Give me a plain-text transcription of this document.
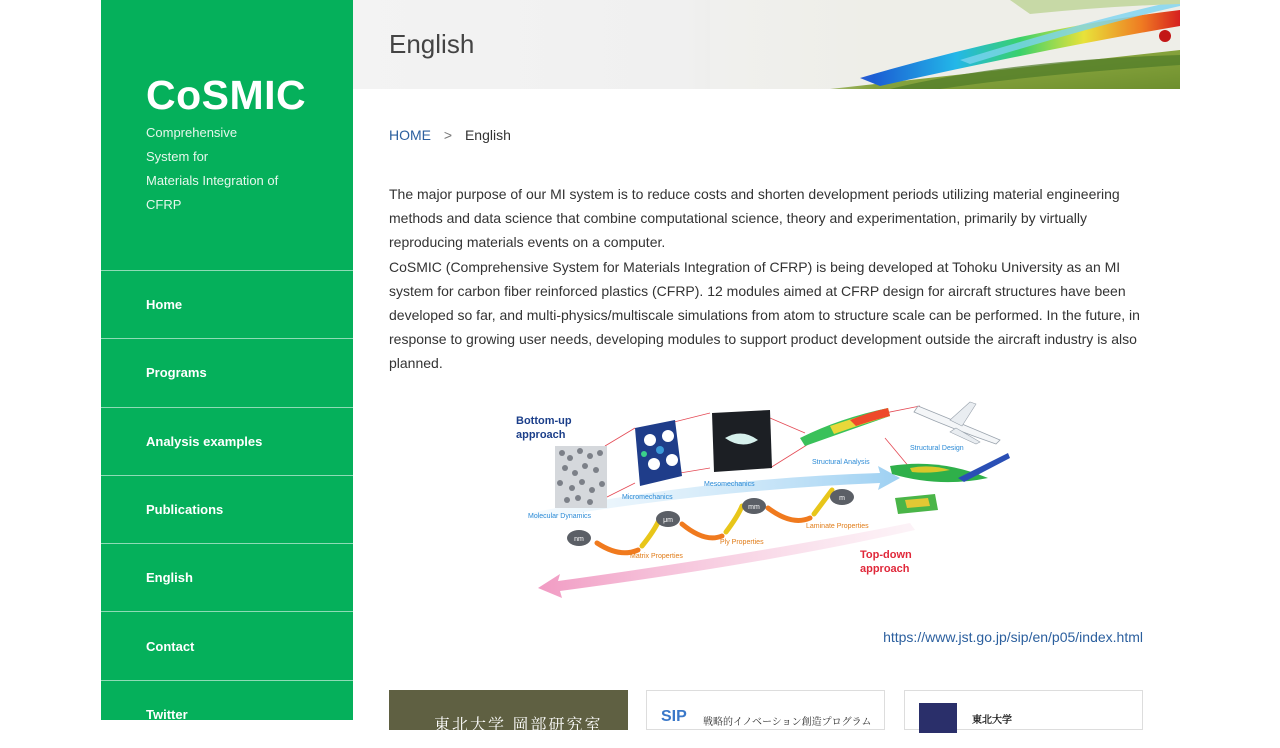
CoSMIC
Comprehensive
System for
Materials Integration of
CFRP
Home
Programs
Analysis examples
Publications
English
Contact
Twitter
English
HOME > English

The major purpose of our MI system is to reduce costs and shorten development periods utilizing material engineering methods and data science that combine computational science, theory and experimentation, primarily by virtually reproducing materials events on a computer.

CoSMIC (Comprehensive System for Materials Integration of CFRP) is being developed at Tohoku University as an MI system for carbon fiber reinforced plastics (CFRP). 12 modules aimed at CFRP design for aircraft structures have been developed so far, and multi-physics/multiscale simulations from atom to structure scale can be performed. In the future, in response to growing user needs, developing modules to support product development outside the aircraft industry is also planned.

nm
μm
mm
m
Bottom-up
approach
Top-down
approach
Molecular Dynamics
Micromechanics
Mesomechanics
Structural Analysis
Structural Design
Matrix Properties
Ply Properties
Laminate Properties
https://www.jst.go.jp/sip/en/p05/index.html
東北大学 岡部研究室
SIP 戦略的イノベーション創造プログラム	東北大学
